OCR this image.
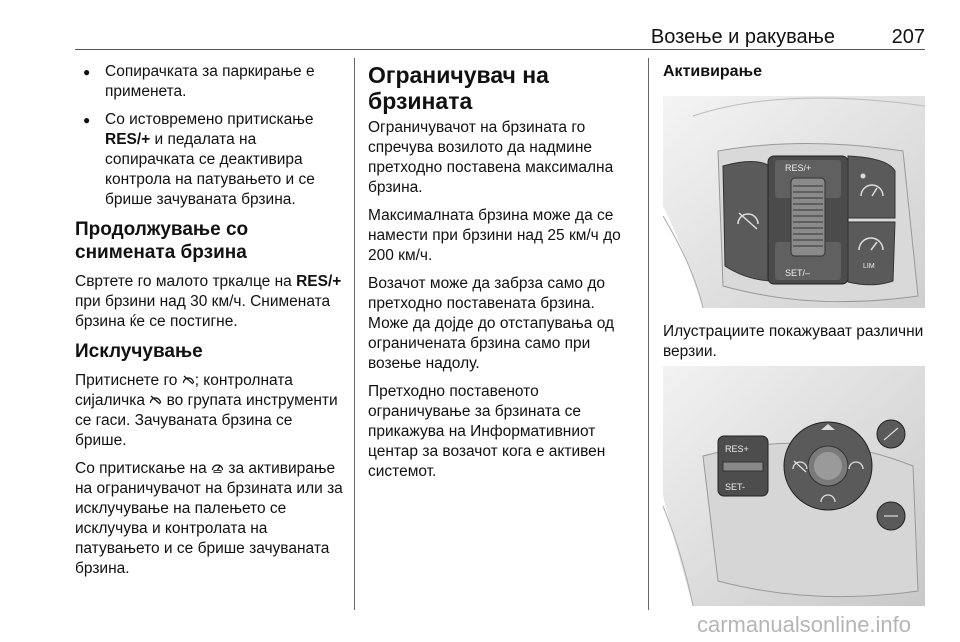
Возење и ракување	207
● Сопирачката за паркирање е применета.
● Со истовремено притискање RES/+ и педалата на сопирачката се деактивира контрола на патувањето и се брише зачуваната брзина.
Продолжување со снимената брзина

Свртете го малото тркалце на RES/+ при брзини над 30 км/ч. Снимената брзина ќе се постигне.

Исклучување

Притиснете го ; контролната сијаличка  во групата инструменти се гаси. Зачуваната брзина се брише.

Со притискање на  за активирање на ограничувачот на брзината или за исклучување на палењето се исклучува и контролата на патувањето и се брише зачуваната брзина.

Ограничувач на брзината

Ограничувачот на брзината го спречува возилото да надмине претходно поставена максимална брзина.

Максималната брзина може да се намести при брзини над 25 км/ч до 200 км/ч.

Возачот може да забрза само до претходно поставената брзина. Може да дојде до отстапувања од ограничената брзина само при возење надолу.

Претходно поставеното ограничување за брзината се прикажува на Информативниот центар за возачот кога е активен системот.

Активирање
RES/+
SET/–
LIM
Илустрациите покажуваат различни верзии.
RES+
SET-
carmanualsonline.info
